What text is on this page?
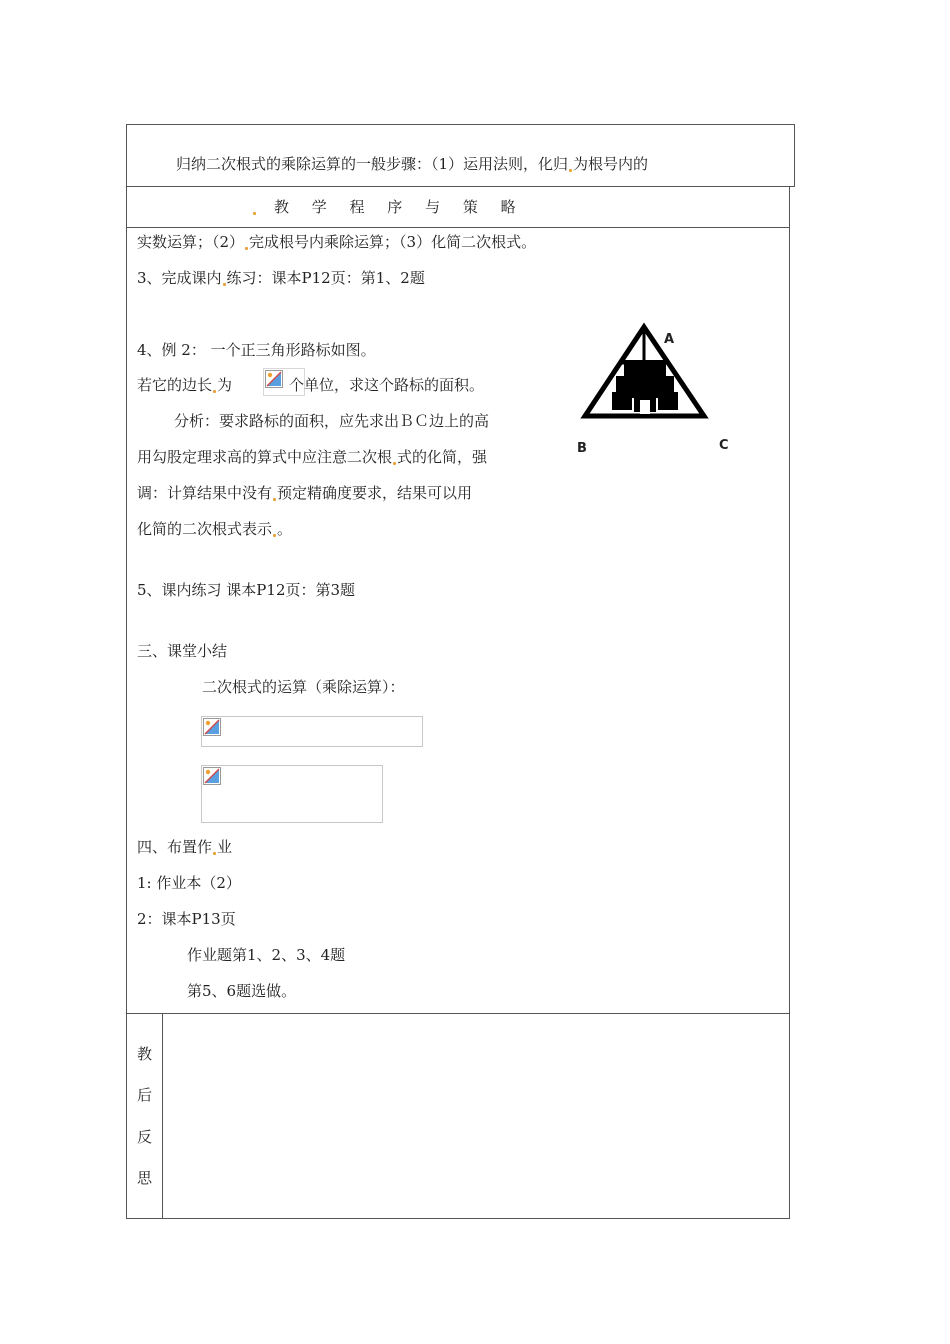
归纳二次根式的乘除运算的一般步骤：（1）运用法则，化归 为根号内的
教 学 程 序 与 策 略
实数运算；（2） 完成根号内乘除运算；（3）化简二次根式。
3、完成课内 练习：课本P12页：第1、2题
4、例 2： 一个正三角形路标如图。
若它的边长 为	个单位，求这个路标的面积。
分析：要求路标的面积，应先求出ＢＣ边上的高
用勾股定理求高的算式中应注意二次根 式的化简，强
调：计算结果中没有 预定精确度要求，结果可以用
化简的二次根式表示 。
A
B	C
5、课内练习 课本P12页：第3题
三、课堂小结
二次根式的运算（乘除运算）：
四、布置作 业
1: 作业本（2）
2：课本P13页
作业题第1、2、3、4题
第5、6题选做。
教
后
反
思
